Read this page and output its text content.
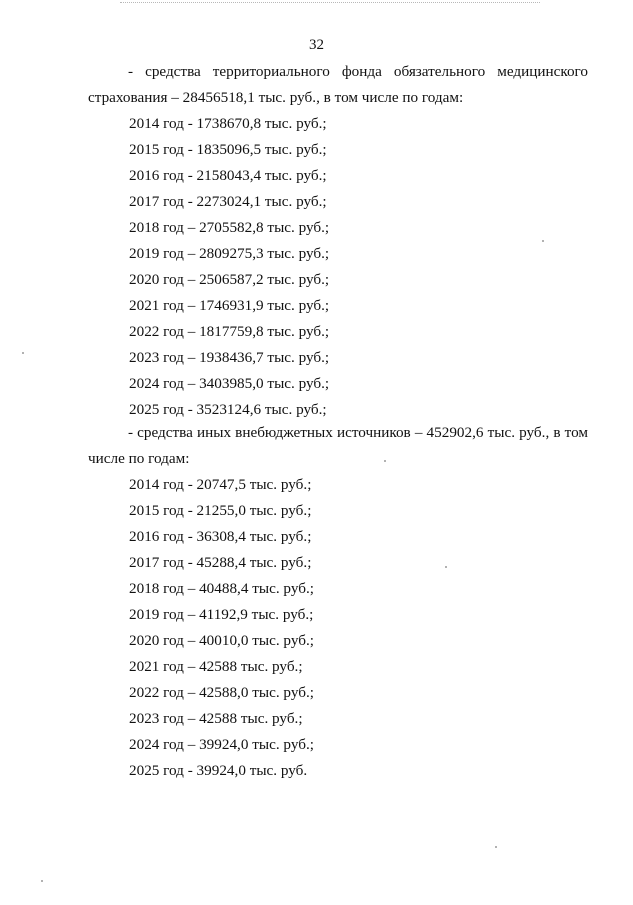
32

- средства территориального фонда обязательного медицинского страхования – 28456518,1 тыс. руб., в том числе по годам:

2014 год - 1738670,8 тыс. руб.;
2015 год - 1835096,5 тыс. руб.;
2016 год - 2158043,4 тыс. руб.;
2017 год - 2273024,1 тыс. руб.;
2018 год – 2705582,8 тыс. руб.;
2019 год – 2809275,3 тыс. руб.;
2020 год – 2506587,2 тыс. руб.;
2021 год – 1746931,9 тыс. руб.;
2022 год – 1817759,8 тыс. руб.;
2023 год – 1938436,7 тыс. руб.;
2024 год – 3403985,0 тыс. руб.;
2025 год - 3523124,6 тыс. руб.;

- средства иных внебюджетных источников – 452902,6 тыс. руб., в том числе по годам:

2014 год - 20747,5 тыс. руб.;
2015 год - 21255,0 тыс. руб.;
2016 год - 36308,4 тыс. руб.;
2017 год - 45288,4 тыс. руб.;
2018 год – 40488,4 тыс. руб.;
2019 год – 41192,9 тыс. руб.;
2020 год – 40010,0 тыс. руб.;
2021 год – 42588 тыс. руб.;
2022 год – 42588,0 тыс. руб.;
2023 год – 42588 тыс. руб.;
2024 год – 39924,0 тыс. руб.;
2025 год - 39924,0 тыс. руб.
